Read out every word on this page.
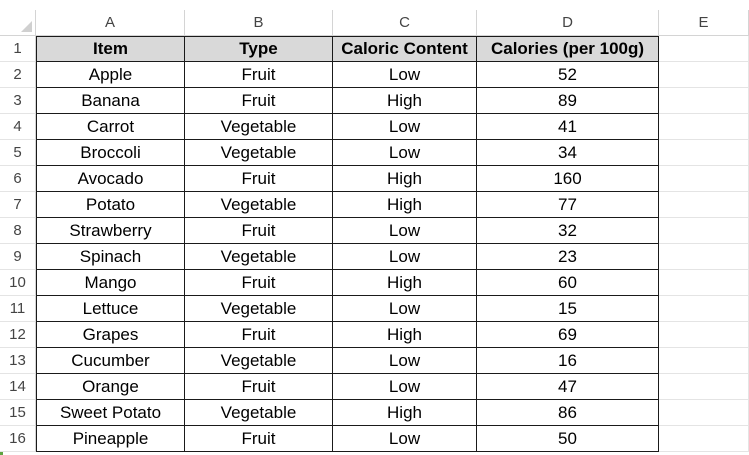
A	B	C	D	E
1
2
3
4
5
6
7
8
9
10
11
12
13
14
15
16
Item	Type	Caloric Content	Calories (per 100g)
Apple	Fruit	Low	52
Banana	Fruit	High	89
Carrot	Vegetable	Low	41
Broccoli	Vegetable	Low	34
Avocado	Fruit	High	160
Potato	Vegetable	High	77
Strawberry	Fruit	Low	32
Spinach	Vegetable	Low	23
Mango	Fruit	High	60
Lettuce	Vegetable	Low	15
Grapes	Fruit	High	69
Cucumber	Vegetable	Low	16
Orange	Fruit	Low	47
Sweet Potato	Vegetable	High	86
Pineapple	Fruit	Low	50
